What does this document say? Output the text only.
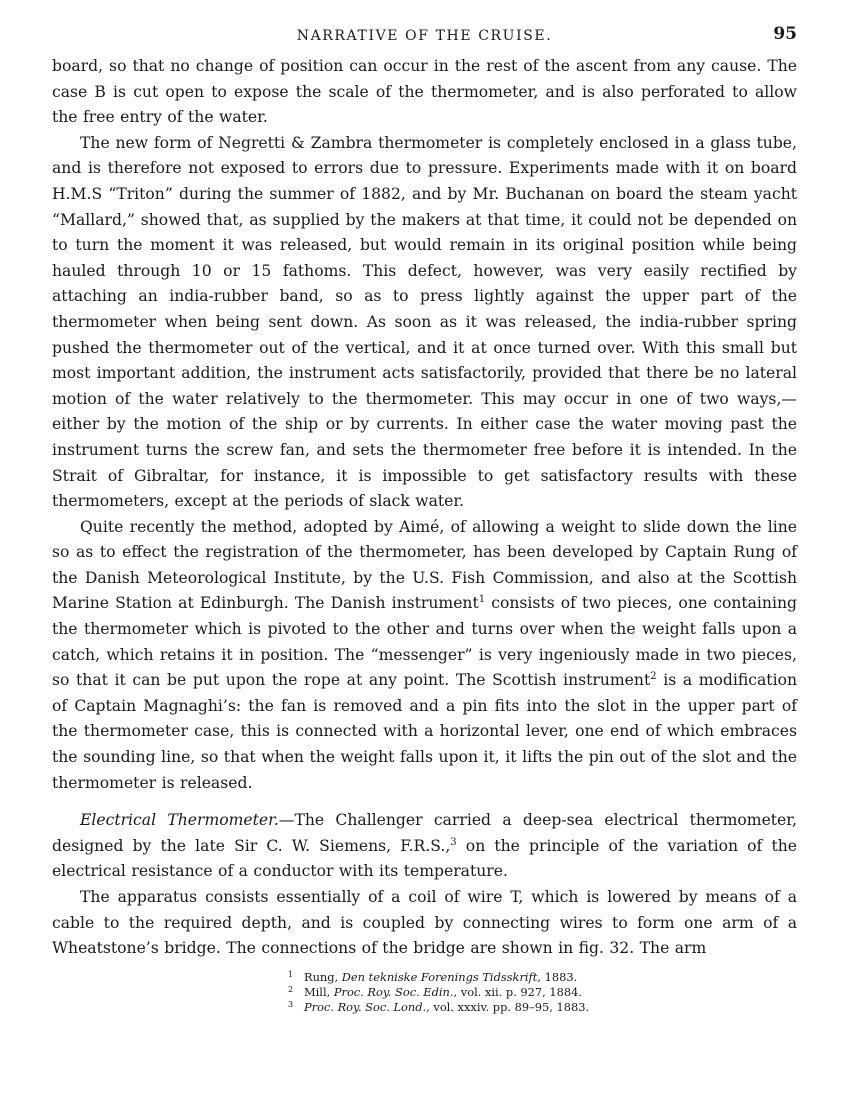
NARRATIVE OF THE CRUISE.	95

board, so that no change of position can occur in the rest of the ascent from any cause. The case B is cut open to expose the scale of the thermometer, and is also perforated to allow the free entry of the water.

The new form of Negretti & Zambra thermometer is completely enclosed in a glass tube, and is therefore not exposed to errors due to pressure. Experiments made with it on board H.M.S “Triton” during the summer of 1882, and by Mr. Buchanan on board the steam yacht “Mallard,” showed that, as supplied by the makers at that time, it could not be depended on to turn the moment it was released, but would remain in its original position while being hauled through 10 or 15 fathoms. This defect, however, was very easily rectified by attaching an india-rubber band, so as to press lightly against the upper part of the thermometer when being sent down. As soon as it was released, the india-rubber spring pushed the thermometer out of the vertical, and it at once turned over. With this small but most important addition, the instrument acts satisfactorily, provided that there be no lateral motion of the water relatively to the thermometer. This may occur in one of two ways,—either by the motion of the ship or by currents. In either case the water moving past the instrument turns the screw fan, and sets the thermometer free before it is intended. In the Strait of Gibraltar, for instance, it is impossible to get satisfactory results with these thermometers, except at the periods of slack water.

Quite recently the method, adopted by Aimé, of allowing a weight to slide down the line so as to effect the registration of the thermometer, has been developed by Captain Rung of the Danish Meteorological Institute, by the U.S. Fish Commission, and also at the Scottish Marine Station at Edinburgh. The Danish instrument$^1$ consists of two pieces, one containing the thermometer which is pivoted to the other and turns over when the weight falls upon a catch, which retains it in position. The “messenger” is very ingeniously made in two pieces, so that it can be put upon the rope at any point. The Scottish instrument$^2$ is a modification of Captain Magnaghi’s: the fan is removed and a pin fits into the slot in the upper part of the thermometer case, this is connected with a horizontal lever, one end of which embraces the sounding line, so that when the weight falls upon it, it lifts the pin out of the slot and the thermometer is released.

Electrical Thermometer.—The Challenger carried a deep-sea electrical thermometer, designed by the late Sir C. W. Siemens, F.R.S.,$^3$ on the principle of the variation of the electrical resistance of a conductor with its temperature.

The apparatus consists essentially of a coil of wire T, which is lowered by means of a cable to the required depth, and is coupled by connecting wires to form one arm of a Wheatstone’s bridge. The connections of the bridge are shown in fig. 32. The arm

$^1$ Rung, Den tekniske Forenings Tidsskrift, 1883.
$^2$ Mill, Proc. Roy. Soc. Edin., vol. xii. p. 927, 1884.
$^3$ Proc. Roy. Soc. Lond., vol. xxxiv. pp. 89–95, 1883.
